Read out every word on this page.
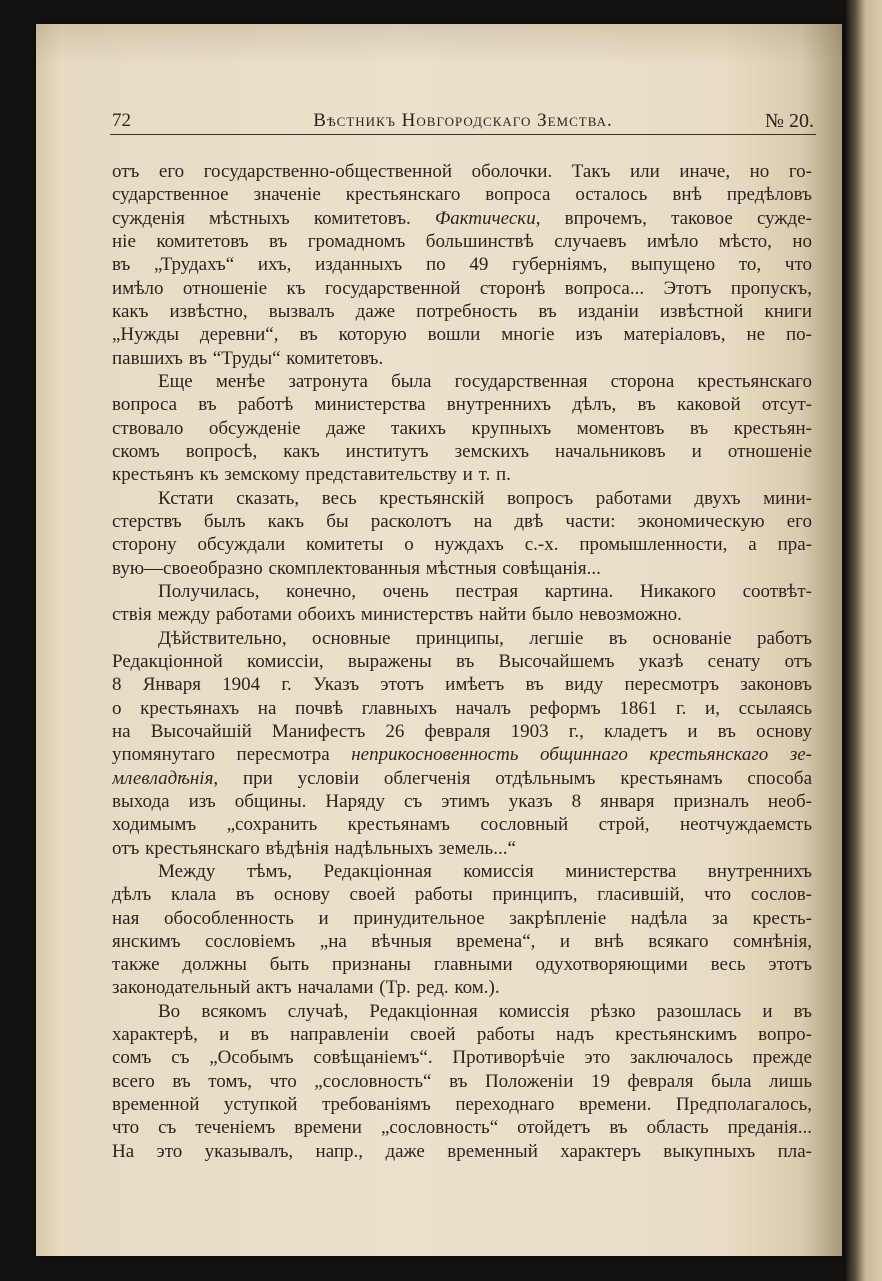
72	Вѣстникъ Новгородскаго Земства.	№ 20.
отъ его государственно-общественной оболочки. Такъ или иначе, но го-
сударственное значеніе крестьянскаго вопроса осталось внѣ предѣловъ
сужденія мѣстныхъ комитетовъ. Фактически, впрочемъ, таковое сужде-
ніе комитетовъ въ громадномъ большинствѣ случаевъ имѣло мѣсто, но
въ „Трудахъ“ ихъ, изданныхъ по 49 губерніямъ, выпущено то, что
имѣло отношеніе къ государственной сторонѣ вопроса... Этотъ пропускъ,
какъ извѣстно, вызвалъ даже потребность въ изданіи извѣстной книги
„Нужды деревни“, въ которую вошли многіе изъ матеріаловъ, не по-
павшихъ въ “Труды“ комитетовъ.
Еще менѣе затронута была государственная сторона крестьянскаго
вопроса въ работѣ министерства внутреннихъ дѣлъ, въ каковой отсут-
ствовало обсужденіе даже такихъ крупныхъ моментовъ въ крестьян-
скомъ вопросѣ, какъ институтъ земскихъ начальниковъ и отношеніе
крестьянъ къ земскому представительству и т. п.
Кстати сказать, весь крестьянскій вопросъ работами двухъ мини-
стерствъ былъ какъ бы расколотъ на двѣ части: экономическую его
сторону обсуждали комитеты о нуждахъ с.-х. промышленности, а пра-
вую—своеобразно скомплектованныя мѣстныя совѣщанія...
Получилась, конечно, очень пестрая картина. Никакого соотвѣт-
ствія между работами обоихъ министерствъ найти было невозможно.
Дѣйствительно, основные принципы, легшіе въ основаніе работъ
Редакціонной комиссіи, выражены въ Высочайшемъ указѣ сенату отъ
8 Января 1904 г. Указъ этотъ имѣетъ въ виду пересмотръ законовъ
о крестьянахъ на почвѣ главныхъ началъ реформъ 1861 г. и, ссылаясь
на Высочайшій Манифестъ 26 февраля 1903 г., кладетъ и въ основу
упомянутаго пересмотра неприкосновенность общиннаго крестьянскаго зе-
млевладѣнія, при условіи облегченія отдѣльнымъ крестьянамъ способа
выхода изъ общины. Наряду съ этимъ указъ 8 января призналъ необ-
ходимымъ „сохранить крестьянамъ сословный строй, неотчуждаемсть
отъ крестьянскаго вѣдѣнія надѣльныхъ земель...“
Между тѣмъ, Редакціонная комиссія министерства внутреннихъ
дѣлъ клала въ основу своей работы принципъ, гласившій, что сослов-
ная обособленность и принудительное закрѣпленіе надѣла за кресть-
янскимъ сословіемъ „на вѣчныя времена“, и внѣ всякаго сомнѣнія,
также должны быть признаны главными одухотворяющими весь этотъ
законодательный актъ началами (Тр. ред. ком.).
Во всякомъ случаѣ, Редакціонная комиссія рѣзко разошлась и въ
характерѣ, и въ направленіи своей работы надъ крестьянскимъ вопро-
сомъ съ „Особымъ совѣщаніемъ“. Противорѣчіе это заключалось прежде
всего въ томъ, что „сословность“ въ Положеніи 19 февраля была лишь
временной уступкой требованіямъ переходнаго времени. Предполагалось,
что съ теченіемъ времени „сословность“ отойдетъ въ область преданія...
На это указывалъ, напр., даже временный характеръ выкупныхъ пла-
